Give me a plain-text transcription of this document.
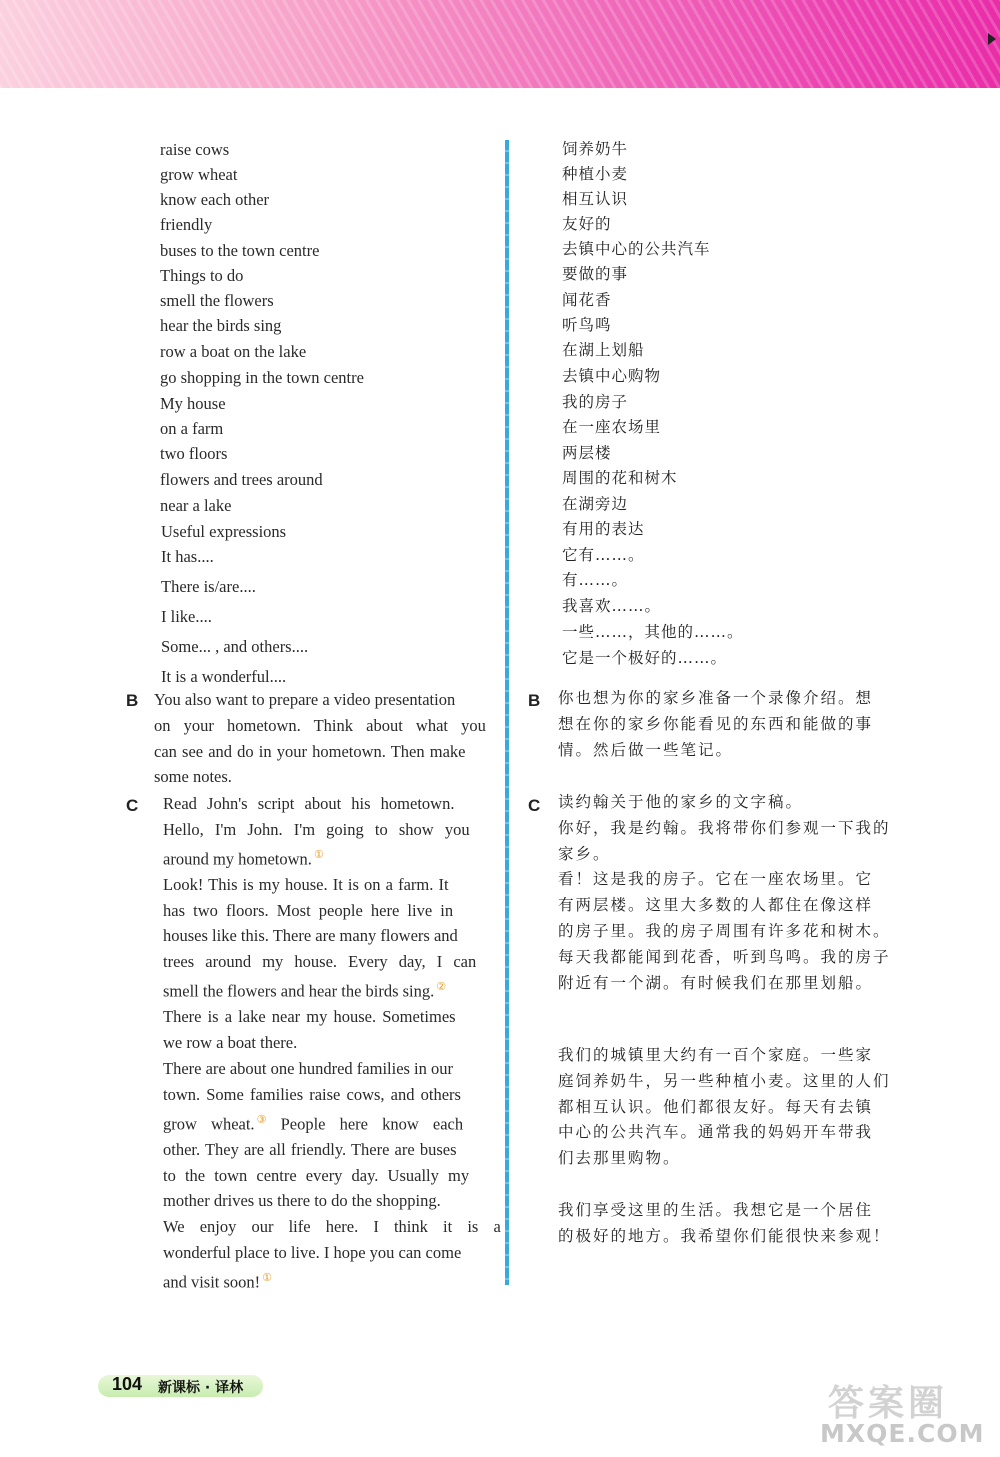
raise cows
grow wheat
know each other
friendly
buses to the town centre
Things to do
smell the flowers
hear the birds sing
row a boat on the lake
go shopping in the town centre
My house
on a farm
two floors
flowers and trees around
near a lake
Useful expressions
It has....
There is/are....
I like....
Some... , and others....
It is a wonderful....
饲养奶牛
种植小麦
相互认识
友好的
去镇中心的公共汽车
要做的事
闻花香
听鸟鸣
在湖上划船
去镇中心购物
我的房子
在一座农场里
两层楼
周围的花和树木
在湖旁边
有用的表达
它有……。
有……。
我喜欢……。
一些……，其他的……。
它是一个极好的……。
B You also want to prepare a video presentation
on your hometown. Think about what you
can see and do in your hometown. Then make
some notes.
B 你也想为你的家乡准备一个录像介绍。想
想在你的家乡你能看见的东西和能做的事
情。然后做一些笔记。
C Read John's script about his hometown.
Hello, I'm John. I'm going to show you
around my hometown. ①
Look! This is my house. It is on a farm. It
has two floors. Most people here live in
houses like this. There are many flowers and
trees around my house. Every day, I can
smell the flowers and hear the birds sing. ②
There is a lake near my house. Sometimes
we row a boat there.
There are about one hundred families in our
town. Some families raise cows, and others
grow wheat. ③ People here know each
other. They are all friendly. There are buses
to the town centre every day. Usually my
mother drives us there to do the shopping.
We enjoy our life here. I think it is a
wonderful place to live. I hope you can come
and visit soon! ①
C 读约翰关于他的家乡的文字稿。
你好，我是约翰。我将带你们参观一下我的
家乡。
看！这是我的房子。它在一座农场里。它
有两层楼。这里大多数的人都住在像这样
的房子里。我的房子周围有许多花和树木。
每天我都能闻到花香，听到鸟鸣。我的房子
附近有一个湖。有时候我们在那里划船。
我们的城镇里大约有一百个家庭。一些家
庭饲养奶牛，另一些种植小麦。这里的人们
都相互认识。他们都很友好。每天有去镇
中心的公共汽车。通常我的妈妈开车带我
们去那里购物。
我们享受这里的生活。我想它是一个居住
的极好的地方。我希望你们能很快来参观！
104 新课标 · 译林	答案圈
MXQE.COM
